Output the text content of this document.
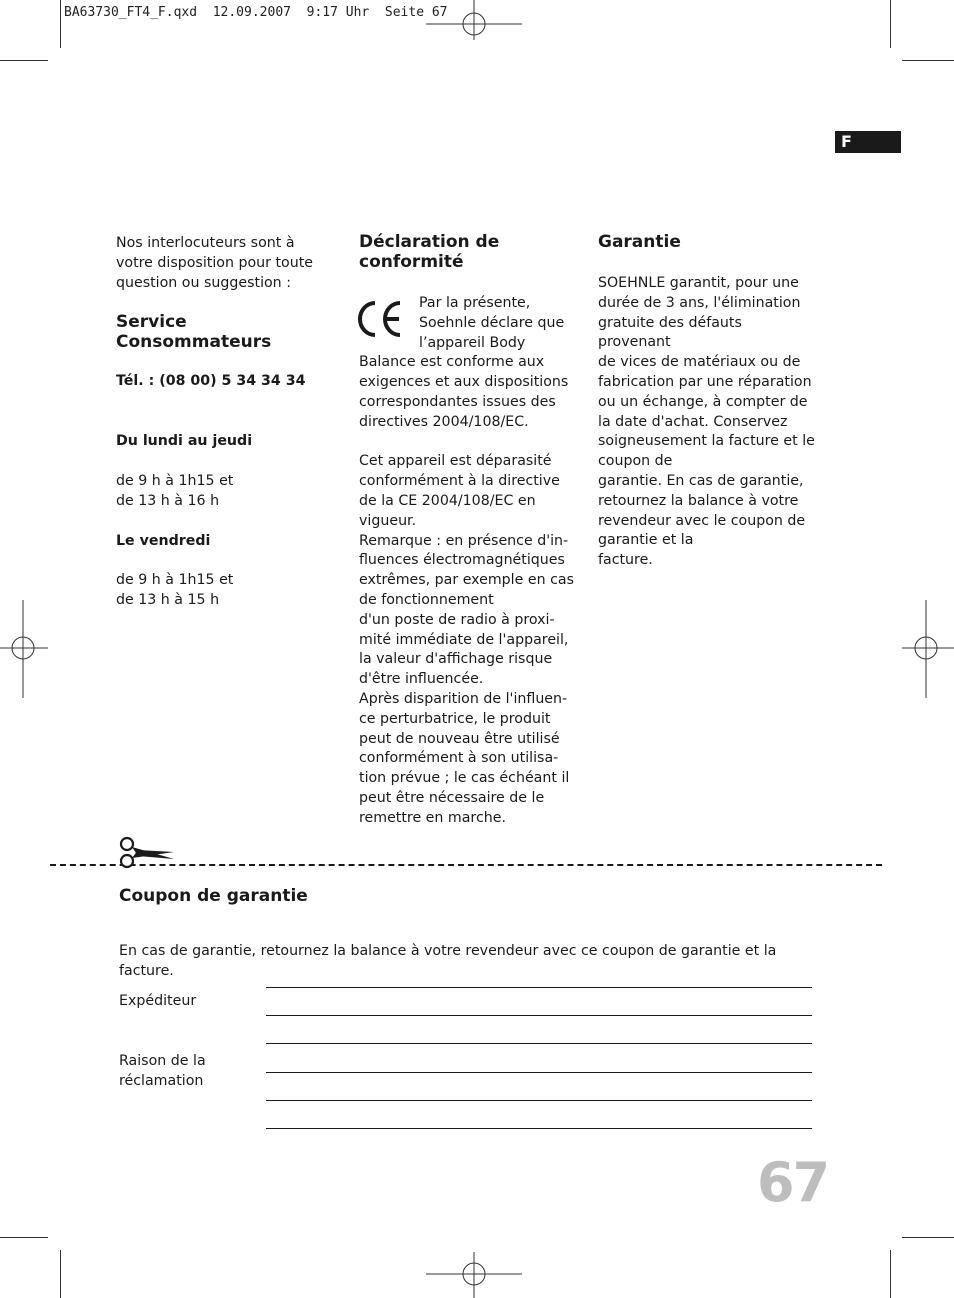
BA63730_FT4_F.qxd  12.09.2007  9:17 Uhr  Seite 67
F

Nos interlocuteurs sont à

votre disposition pour toute

question ou suggestion :

Service Consommateurs

Tél. : (08 00) 5 34 34 34

Du lundi au jeudi

de 9 h à 1h15 et

de 13 h à 16 h

Le vendredi

de 9 h à 1h15 et

de 13 h à 15 h

Déclaration de

conformité

Par la présente,

Soehnle déclare que

l’appareil Body

Balance est conforme aux

exigences et aux dispositions

correspondantes issues des

directives 2004/108/EC.

Cet appareil est déparasité

conformément à la directive

de la CE 2004/108/EC en

vigueur.

Remarque : en présence d'in-

fluences électromagnétiques

extrêmes, par exemple en cas

de fonctionnement

d'un poste de radio à proxi-

mité immédiate de l'appareil,

la valeur d'affichage risque

d'être influencée.

Après disparition de l'influen-

ce perturbatrice, le produit

peut de nouveau être utilisé

conformément à son utilisa-

tion prévue ; le cas échéant il

peut être nécessaire de le

remettre en marche.

Garantie

SOEHNLE garantit, pour une

durée de 3 ans, l'élimination

gratuite des défauts provenant

de vices de matériaux ou de

fabrication par une réparation

ou un échange, à compter de

la date d'achat. Conservez

soigneusement la facture et le

coupon de

garantie. En cas de garantie,

retournez la balance à votre

revendeur avec le coupon de

garantie et la

facture.

Coupon de garantie
En cas de garantie, retournez la balance à votre revendeur avec ce coupon de garantie et la
facture.
Expéditeur
Raison de la
réclamation
67
